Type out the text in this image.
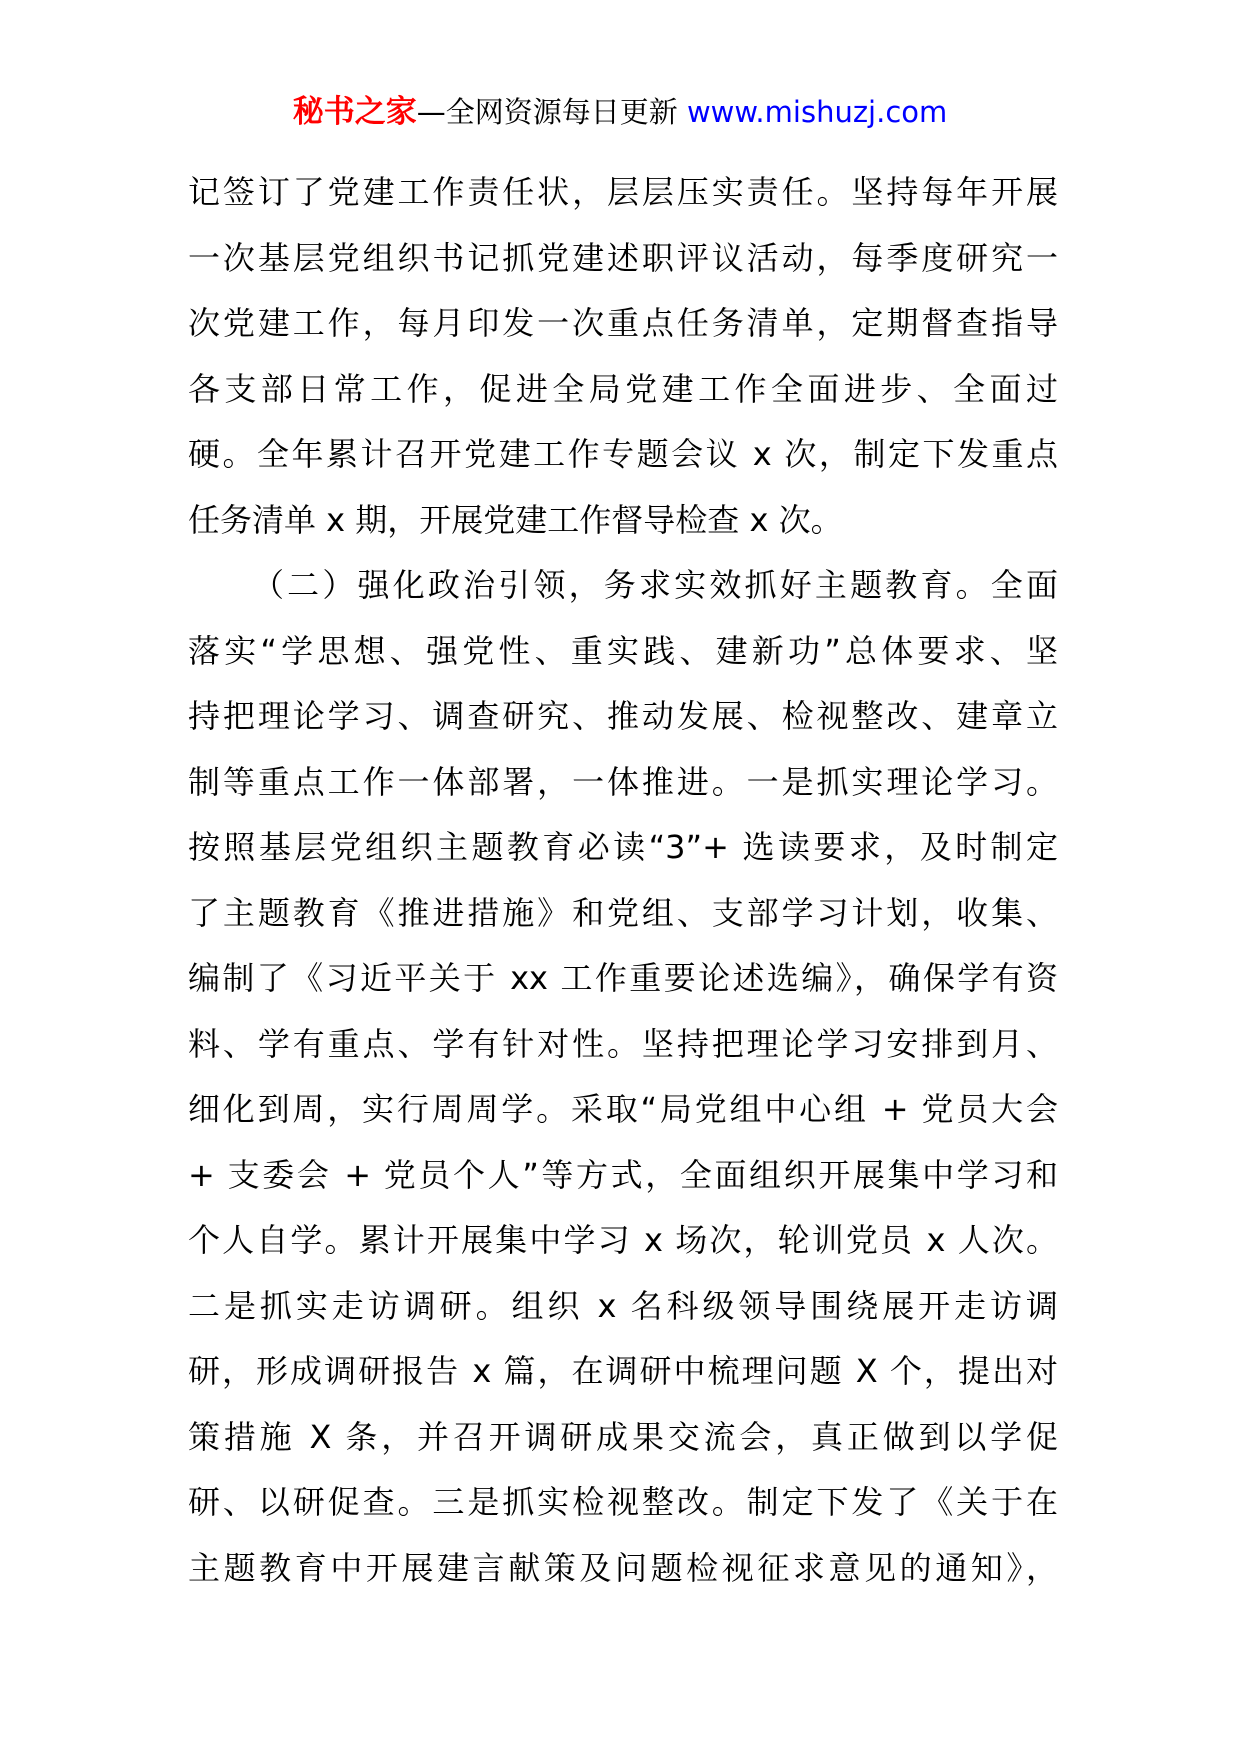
秘书之家—全网资源每日更新 www.mishuzj.com
记签订了党建工作责任状，层层压实责任。坚持每年开展
一次基层党组织书记抓党建述职评议活动，每季度研究一
次党建工作，每月印发一次重点任务清单，定期督查指导
各支部日常工作，促进全局党建工作全面进步、全面过
硬。全年累计召开党建工作专题会议 x 次，制定下发重点
任务清单 x 期，开展党建工作督导检查 x 次。
（二）强化政治引领，务求实效抓好主题教育。全面
落实“学思想、强党性、重实践、建新功”总体要求、坚
持把理论学习、调查研究、推动发展、检视整改、建章立
制等重点工作一体部署，一体推进。一是抓实理论学习。
按照基层党组织主题教育必读“3”+ 选读要求，及时制定
了主题教育《推进措施》和党组、支部学习计划，收集、
编制了《习近平关于 xx 工作重要论述选编》，确保学有资
料、学有重点、学有针对性。坚持把理论学习安排到月、
细化到周，实行周周学。采取“局党组中心组 + 党员大会
+ 支委会 + 党员个人”等方式，全面组织开展集中学习和
个人自学。累计开展集中学习 x 场次，轮训党员 x 人次。
二是抓实走访调研。组织 x 名科级领导围绕展开走访调
研，形成调研报告 x 篇，在调研中梳理问题 X 个，提出对
策措施 X 条，并召开调研成果交流会，真正做到以学促
研、以研促查。三是抓实检视整改。制定下发了《关于在
主题教育中开展建言献策及问题检视征求意见的通知》，
